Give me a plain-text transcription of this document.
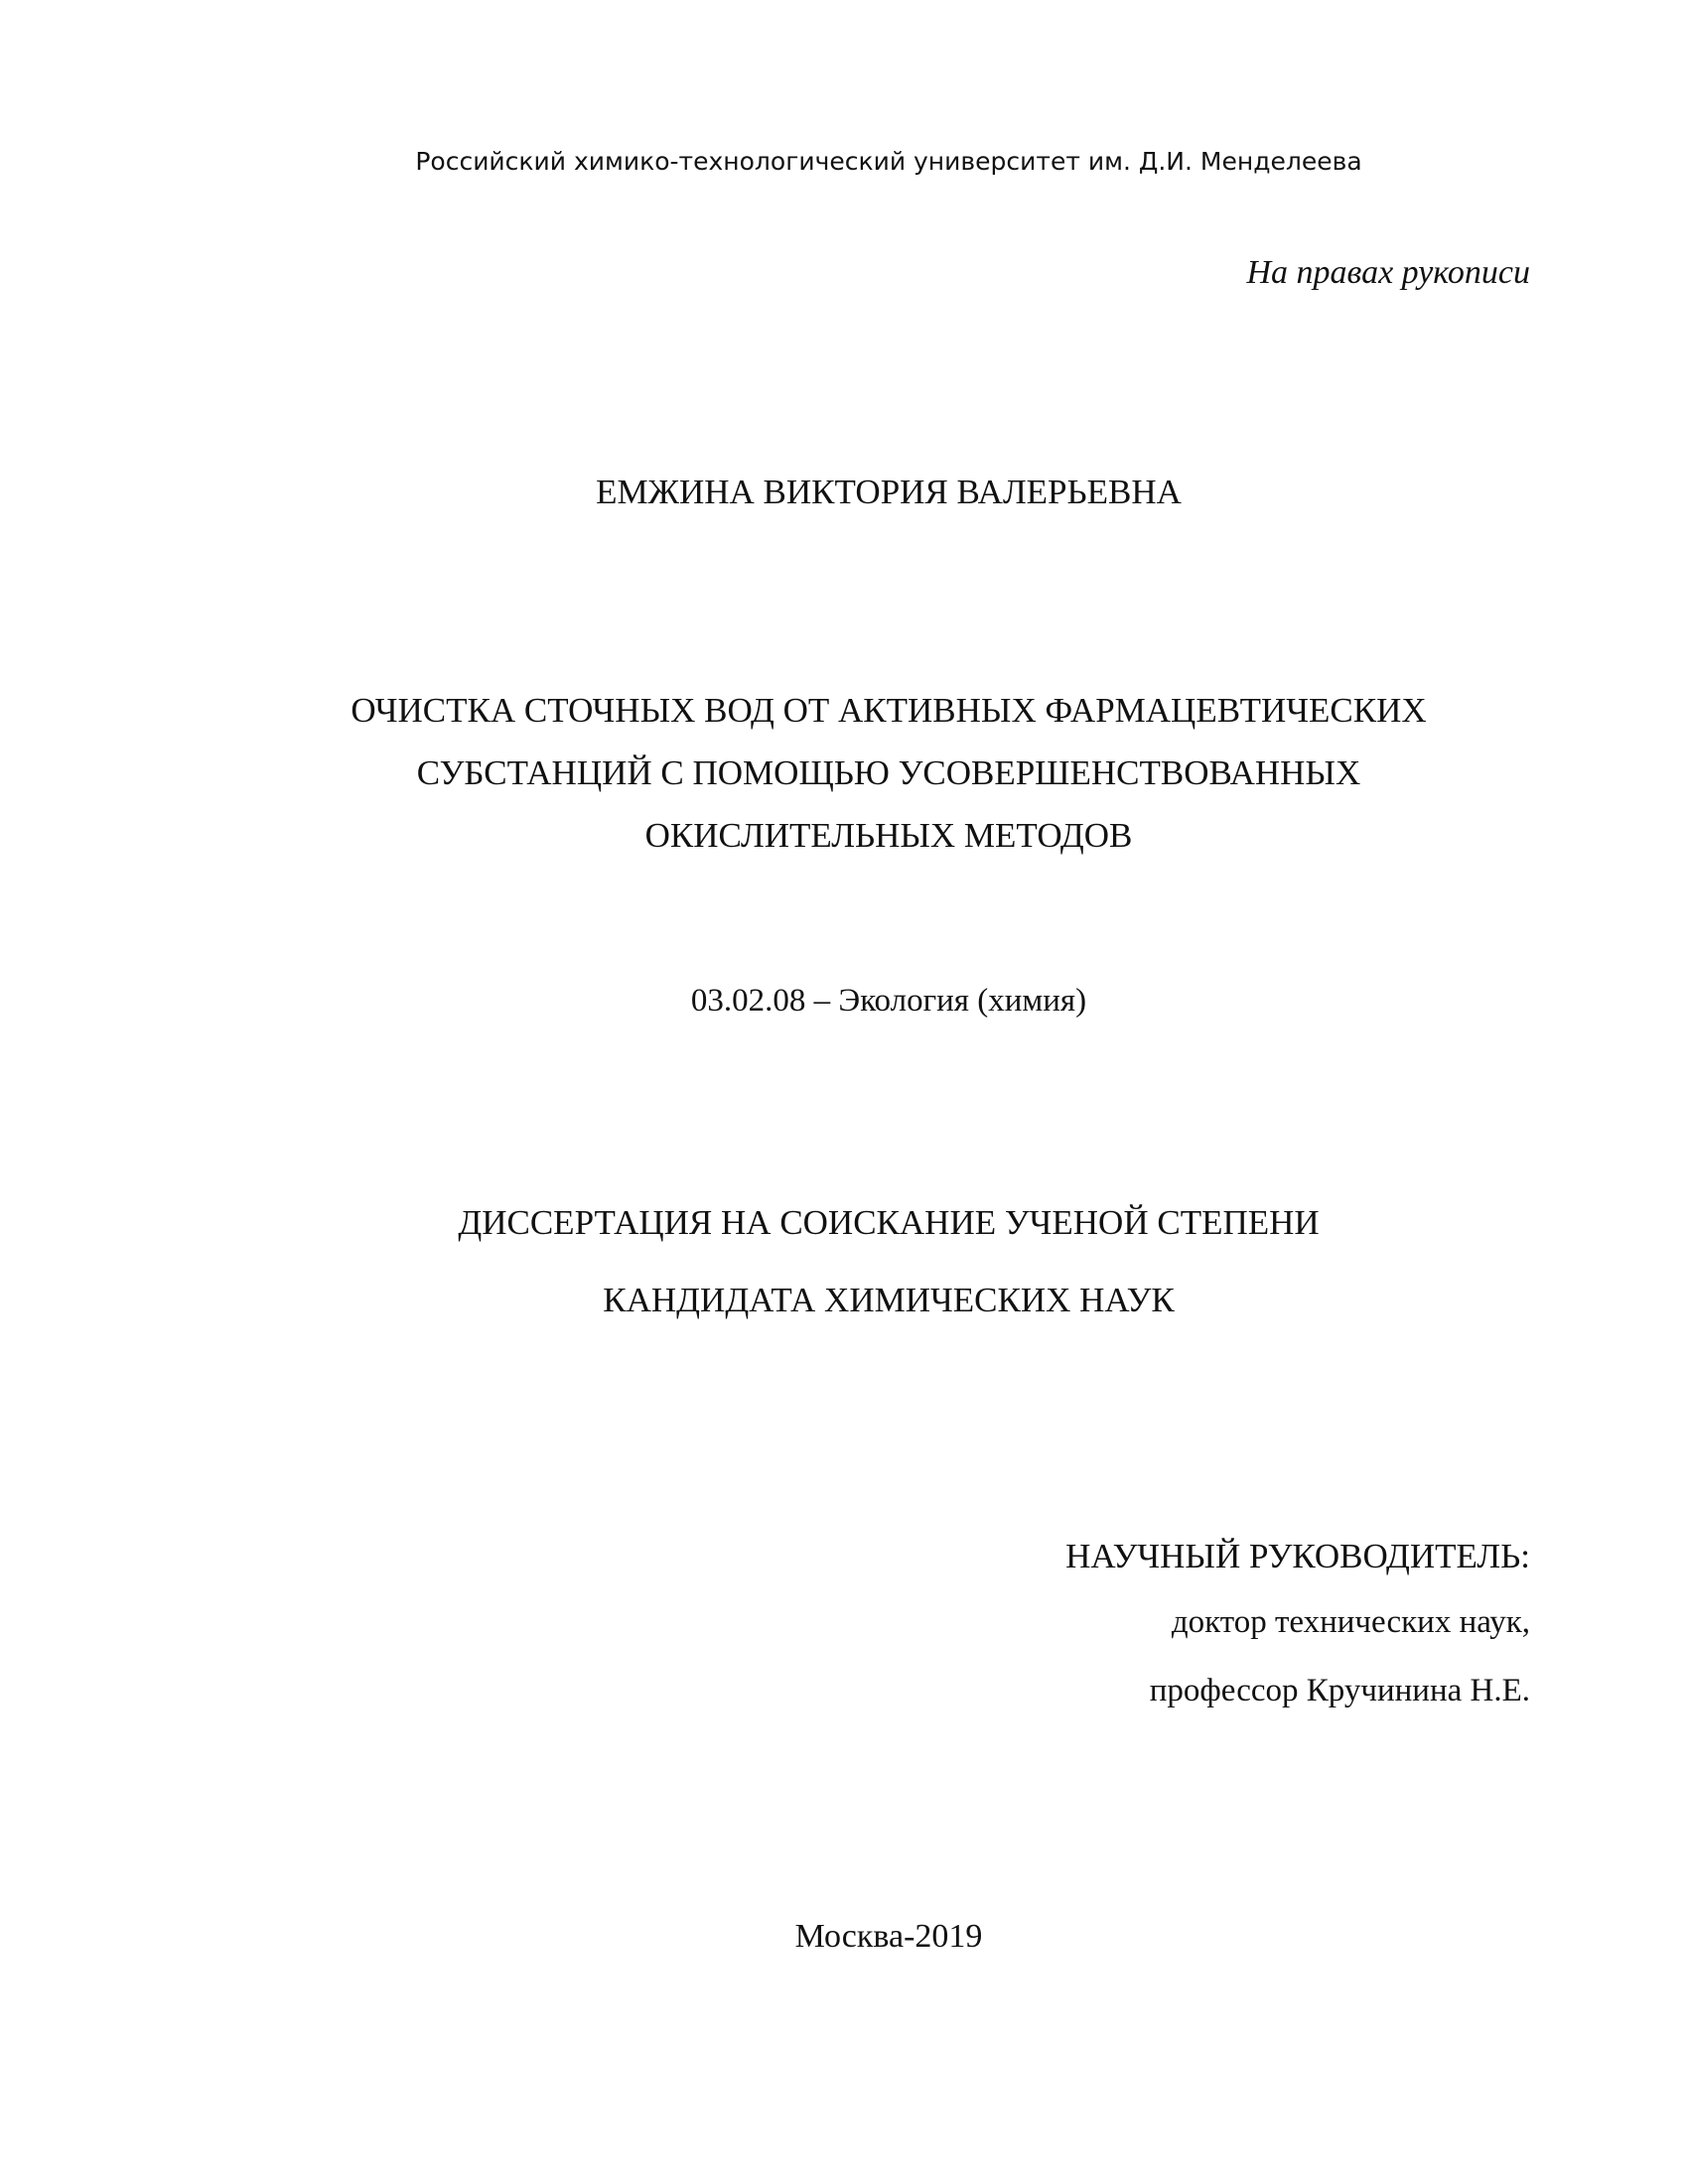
Российский химико-технологический университет им. Д.И. Менделеева

На правах рукописи

ЕМЖИНА ВИКТОРИЯ ВАЛЕРЬЕВНА

ОЧИСТКА СТОЧНЫХ ВОД ОТ АКТИВНЫХ ФАРМАЦЕВТИЧЕСКИХ

СУБСТАНЦИЙ С ПОМОЩЬЮ УСОВЕРШЕНСТВОВАННЫХ

ОКИСЛИТЕЛЬНЫХ МЕТОДОВ

03.02.08 – Экология (химия)

ДИССЕРТАЦИЯ НА СОИСКАНИЕ УЧЕНОЙ СТЕПЕНИ

КАНДИДАТА ХИМИЧЕСКИХ НАУК

НАУЧНЫЙ РУКОВОДИТЕЛЬ:

доктор технических наук,

профессор Кручинина Н.Е.

Москва-2019
